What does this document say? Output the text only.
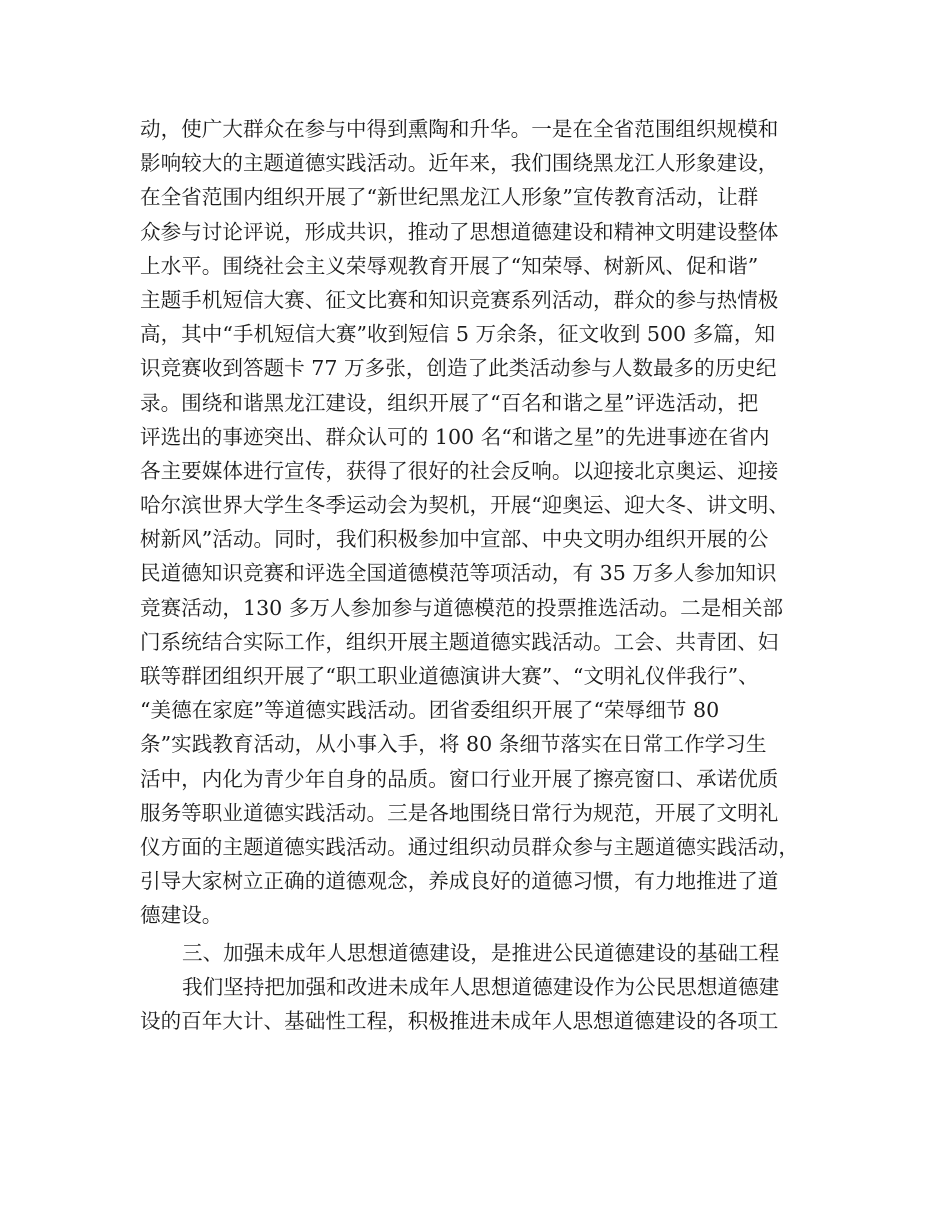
动，使广大群众在参与中得到熏陶和升华。一是在全省范围组织规模和
影响较大的主题道德实践活动。近年来，我们围绕黑龙江人形象建设，
在全省范围内组织开展了“新世纪黑龙江人形象”宣传教育活动，让群
众参与讨论评说，形成共识，推动了思想道德建设和精神文明建设整体
上水平。围绕社会主义荣辱观教育开展了“知荣辱、树新风、促和谐”
主题手机短信大赛、征文比赛和知识竞赛系列活动，群众的参与热情极
高，其中“手机短信大赛”收到短信 5 万余条，征文收到 500 多篇，知
识竞赛收到答题卡 77 万多张，创造了此类活动参与人数最多的历史纪
录。围绕和谐黑龙江建设，组织开展了“百名和谐之星”评选活动，把
评选出的事迹突出、群众认可的 100 名“和谐之星”的先进事迹在省内
各主要媒体进行宣传，获得了很好的社会反响。以迎接北京奥运、迎接
哈尔滨世界大学生冬季运动会为契机，开展“迎奥运、迎大冬、讲文明、
树新风”活动。同时，我们积极参加中宣部、中央文明办组织开展的公
民道德知识竞赛和评选全国道德模范等项活动，有 35 万多人参加知识
竞赛活动，130 多万人参加参与道德模范的投票推选活动。二是相关部
门系统结合实际工作，组织开展主题道德实践活动。工会、共青团、妇
联等群团组织开展了“职工职业道德演讲大赛”、“文明礼仪伴我行”、
“美德在家庭”等道德实践活动。团省委组织开展了“荣辱细节 80
条”实践教育活动，从小事入手，将 80 条细节落实在日常工作学习生
活中，内化为青少年自身的品质。窗口行业开展了擦亮窗口、承诺优质
服务等职业道德实践活动。三是各地围绕日常行为规范，开展了文明礼
仪方面的主题道德实践活动。通过组织动员群众参与主题道德实践活动，
引导大家树立正确的道德观念，养成良好的道德习惯，有力地推进了道
德建设。
三、加强未成年人思想道德建设，是推进公民道德建设的基础工程
我们坚持把加强和改进未成年人思想道德建设作为公民思想道德建
设的百年大计、基础性工程，积极推进未成年人思想道德建设的各项工
